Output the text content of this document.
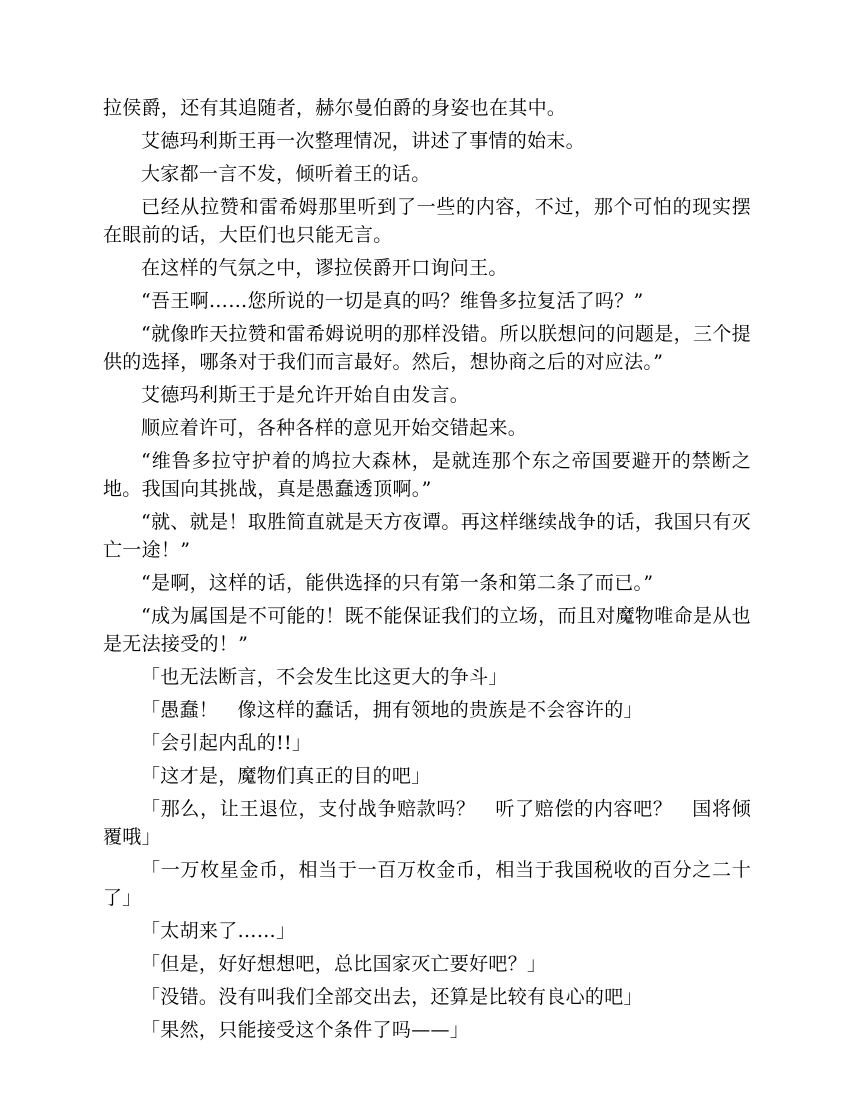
拉侯爵，还有其追随者，赫尔曼伯爵的身姿也在其中。

艾德玛利斯王再一次整理情况，讲述了事情的始末。

大家都一言不发，倾听着王的话。

已经从拉赞和雷希姆那里听到了一些的内容，不过，那个可怕的现实摆在眼前的话，大臣们也只能无言。

在这样的气氛之中，谬拉侯爵开口询问王。

“吾王啊……您所说的一切是真的吗？维鲁多拉复活了吗？”

“就像昨天拉赞和雷希姆说明的那样没错。所以朕想问的问题是，三个提供的选择，哪条对于我们而言最好。然后，想协商之后的对应法。”

艾德玛利斯王于是允许开始自由发言。

顺应着许可，各种各样的意见开始交错起来。

“维鲁多拉守护着的鸠拉大森林，是就连那个东之帝国要避开的禁断之地。我国向其挑战，真是愚蠢透顶啊。”

“就、就是！取胜简直就是天方夜谭。再这样继续战争的话，我国只有灭亡一途！”

“是啊，这样的话，能供选择的只有第一条和第二条了而已。”

“成为属国是不可能的！既不能保证我们的立场，而且对魔物唯命是从也是无法接受的！”

「也无法断言，不会发生比这更大的争斗」

「愚蠢！　像这样的蠢话，拥有领地的贵族是不会容许的」

「会引起内乱的!!」

「这才是，魔物们真正的目的吧」

「那么，让王退位，支付战争赔款吗？　听了赔偿的内容吧？　国将倾覆哦」

「一万枚星金币，相当于一百万枚金币，相当于我国税收的百分之二十了」

「太胡来了……」

「但是，好好想想吧，总比国家灭亡要好吧？」

「没错。没有叫我们全部交出去，还算是比较有良心的吧」

「果然，只能接受这个条件了吗——」
